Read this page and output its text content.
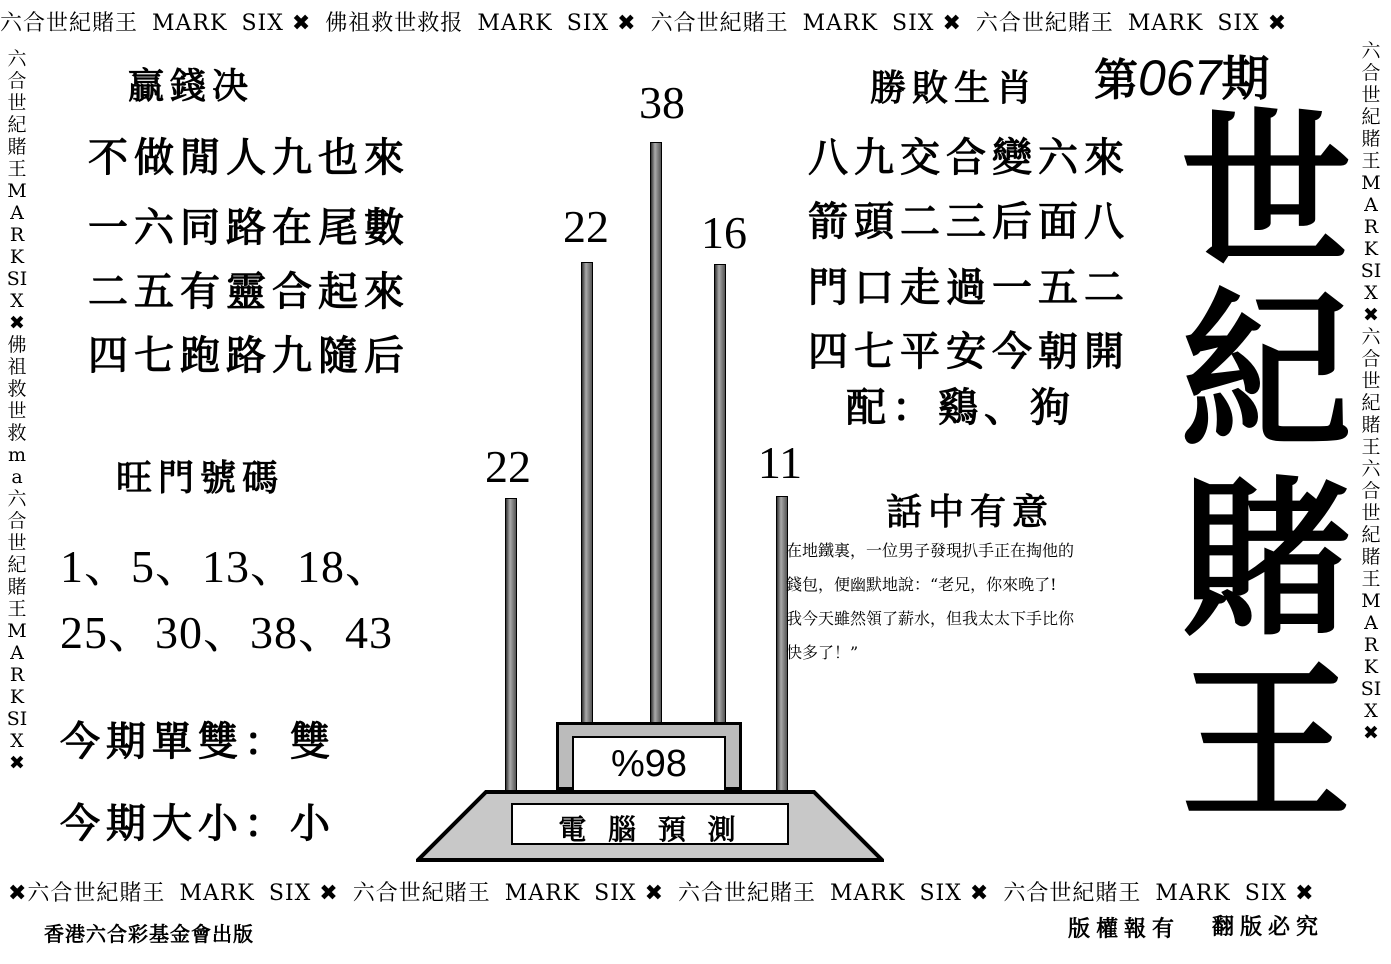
六合世紀賭王 MARK SIX ✖ 佛祖救世救报 MARK SIX ✖ 六合世紀賭王 MARK SIX ✖ 六合世紀賭王 MARK SIX ✖
✖六合世紀賭王 MARK SIX ✖ 六合世紀賭王 MARK SIX ✖ 六合世紀賭王 MARK SIX ✖ 六合世紀賭王 MARK SIX ✖
六合世紀賭王MARKSIX✖佛祖救世救ma六合世紀賭王MARKSIX✖
六合世紀賭王MARKSIX✖六合世紀賭王六合世紀賭王MARKSIX✖
贏錢决
不做閒人九也來
一六同路在尾數
二五有靈合起來
四七跑路九隨后
旺門號碼
1、5、13、18、
25、30、38、43
今期單雙：雙
今期大小：小
22
22
38
16
11
%98
電 腦 預 測
勝敗生肖 第067期
八九交合變六來
箭頭二三后面八
門口走過一五二
四七平安今朝開
配：鷄、狗
話中有意
在地鐵裏，一位男子發現扒手正在掏他的
錢包，便幽默地說：“老兄，你來晚了!
我今天雖然領了薪水，但我太太下手比你
快多了！”
世
紀
賭
王
香港六合彩基金會出版	版權報有 翻版必究
